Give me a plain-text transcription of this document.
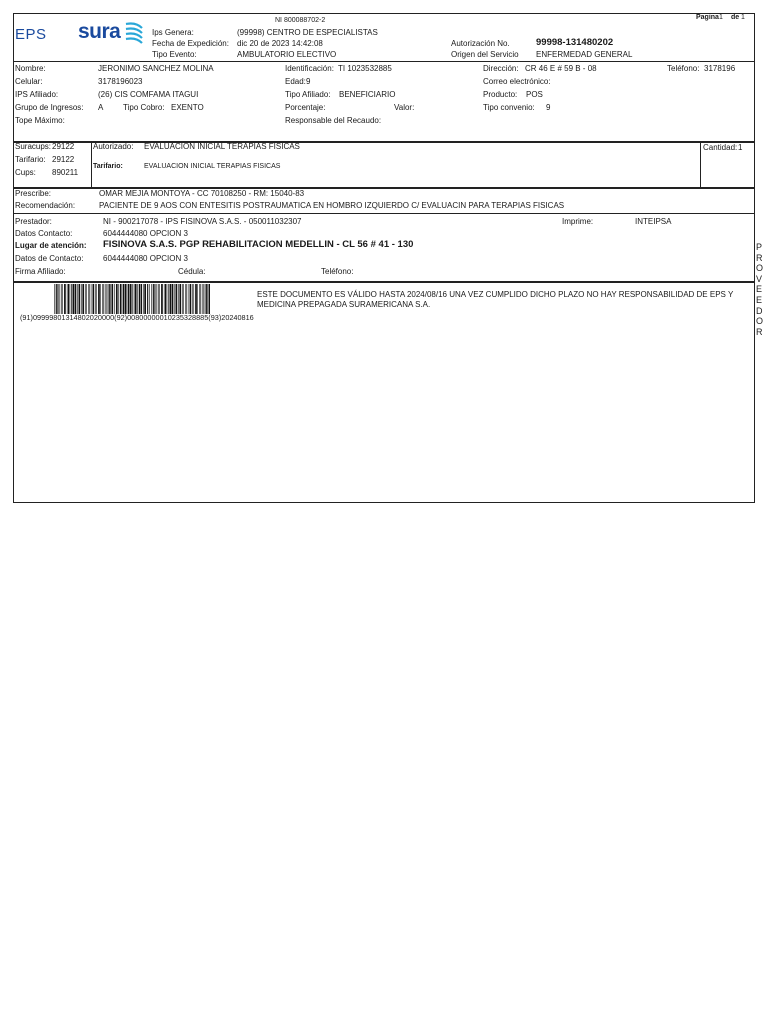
EPS sura	NI 800088702-2	Pagina 1 de 1
Ips Genera:	(99998) CENTRO DE ESPECIALISTAS
Fecha de Expedición: dic 20 de 2023 14:42:08
Tipo Evento:	AMBULATORIO ELECTIVO
Autorización No.	99998-131480202
Origen del Servicio ENFERMEDAD GENERAL
Nombre:	JERONIMO SANCHEZ MOLINA	Identificación: TI 1023532885	Dirección: CR 46 E # 59 B - 08	Teléfono: 3178196
Celular:	3178196023	Edad: 9	Correo electrónico:
IPS Afiliado:	(26) CIS COMFAMA ITAGUI	Tipo Afiliado: BENEFICIARIO	Producto: POS
Grupo de Ingresos: A Tipo Cobro: EXENTO	Porcentaje:	Valor:	Tipo convenio: 9
Tope Máximo:	Responsable del Recaudo:
Suracups: 29122 Autorizado: EVALUACION INICIAL TERAPIAS FISICAS	Cantidad: 1
Tarifario: 29122
Tarifario:	EVALUACION INICIAL TERAPIAS FISICAS
Cups: 890211
Prescribe:	OMAR MEJIA MONTOYA - CC 70108250 - RM: 15040-83
Recomendación:	PACIENTE DE 9 AOS CON ENTESITIS POSTRAUMATICA EN HOMBRO IZQUIERDO C/ EVALUACIN PARA TERAPIAS FISICAS
Prestador:	NI - 900217078 - IPS FISINOVA S.A.S. - 050011032307	Imprime:	INTEIPSA
Datos Contacto:	6044444080 OPCION 3
Lugar de atención: FISINOVA S.A.S. PGP REHABILITACION MEDELLIN - CL 56 # 41 - 130
Datos de Contacto: 6044444080 OPCION 3
Firma Afiliado:	Cédula:	Teléfono:
(91)09999801314802020000(92)00800000010235328885(93)20240816
ESTE DOCUMENTO ES VÁLIDO HASTA 2024/08/16 UNA VEZ CUMPLIDO DICHO PLAZO NO HAY RESPONSABILIDAD DE EPS Y MEDICINA PREPAGADA SURAMERICANA S.A.
P
R
O
V
E
E
D
O
R
